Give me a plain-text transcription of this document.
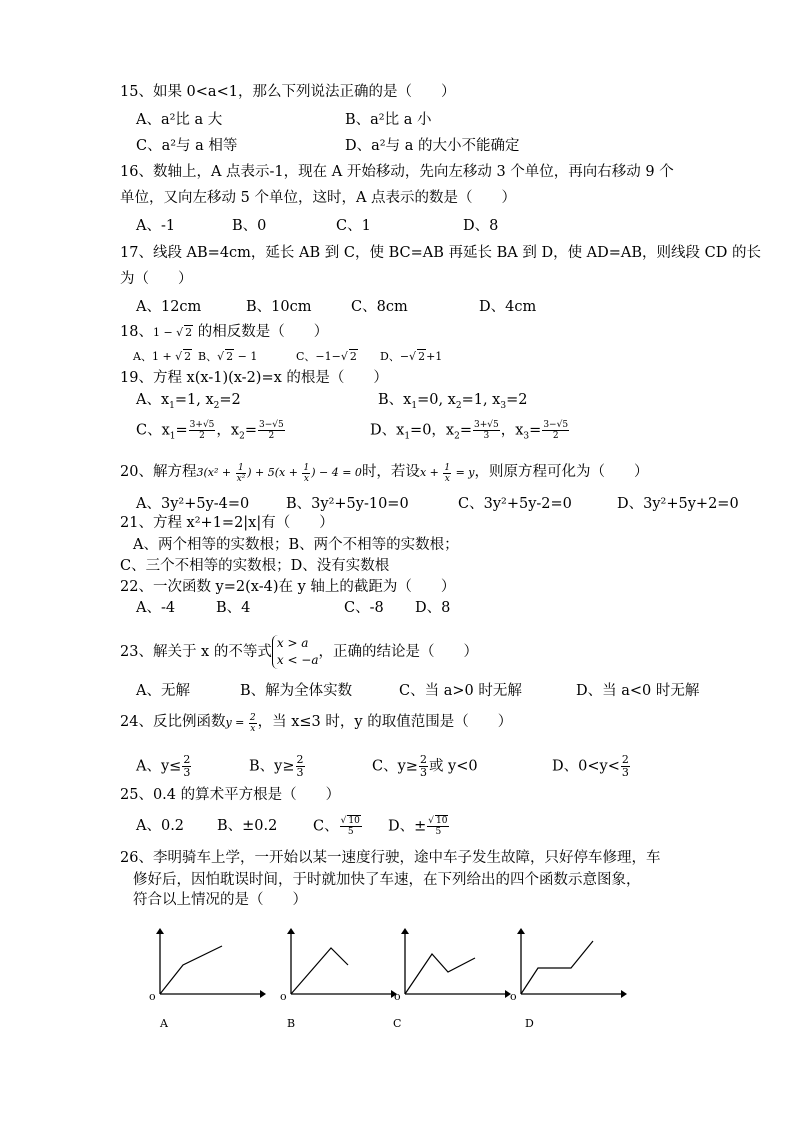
15、如果 0<a<1，那么下列说法正确的是（　　）
A、a²比 a 大	B、a²比 a 小
C、a²与 a 相等	D、a²与 a 的大小不能确定
16、数轴上，A 点表示-1，现在 A 开始移动，先向左移动 3 个单位，再向右移动 9 个
单位，又向左移动 5 个单位，这时，A 点表示的数是（　　）
A、-1	B、0	C、1	D、8
17、线段 AB=4cm，延长 AB 到 C，使 BC=AB 再延长 BA 到 D，使 AD=AB，则线段 CD 的长
为（　　）
A、12cm	B、10cm	C、8cm	D、4cm
18、1 − √ 2 的相反数是（　　）
A、1 + √ 2 B、√ 2 − 1	C、−1−√ 2 D、−√ 2+1
19、方程 x(x-1)(x-2)=x 的根是（　　）
A、$x_1=1$, $x_2=2$	B、$x_1=0$, $x_2=1$, $x_3=2$
C、$x_1= \frac{3+√5}{2}$ ，$x_2= \frac{3-√5}{2}$	D、$x_1=0$，$x_2= \frac{3+√5}{3}$ ，$x_3= \frac{3-√5}{2}$
20、解方程$3(x^2 + \frac{1}{\text{x²}}$ ) + $5(x + \frac{1}{x}$ ) − 4 = 0时，若设$x + \frac{1}{x} = y$，则原方程可化为（　　）
A、3y²+5y-4=0	B、3y²+5y-10=0	C、3y²+5y-2=0	D、3y²+5y+2=0
21、方程 x²+1=2|x|有（　　）
A、两个相等的实数根；B、两个不相等的实数根；
C、三个不相等的实数根；D、没有实数根
22、一次函数 y=2(x-4)在 y 轴上的截距为（　　）
A、-4	B、4	C、-8 D、8
23、解关于 x 的不等式
x > a
x < −a ，正确的结论是（　　）
A、无解	B、解为全体实数	C、当 a>0 时无解	D、当 a<0 时无解
24、反比例函数$y = \frac{2}{x}$ ，当 x≤3 时，y 的取值范围是（　　）
A、$y\le \frac{2}{3}$	B、$y\ge \frac{2}{3}$	C、$y\ge \frac{2}{3}$ 或 y<0	D、$0<y< \frac{2}{3}$
25、0.4 的算术平方根是（　　）
A、0.2 B、±0.2 C、 $\frac{√ 10}{5}$ D、± $\frac{√ 10}{5}$
26、李明骑车上学，一开始以某一速度行驶，途中车子发生故障，只好停车修理，车
修好后，因怕耽误时间，于时就加快了车速，在下列给出的四个函数示意图象，
符合以上情况的是（　　）
o
A
o
B
o
C
o
D
